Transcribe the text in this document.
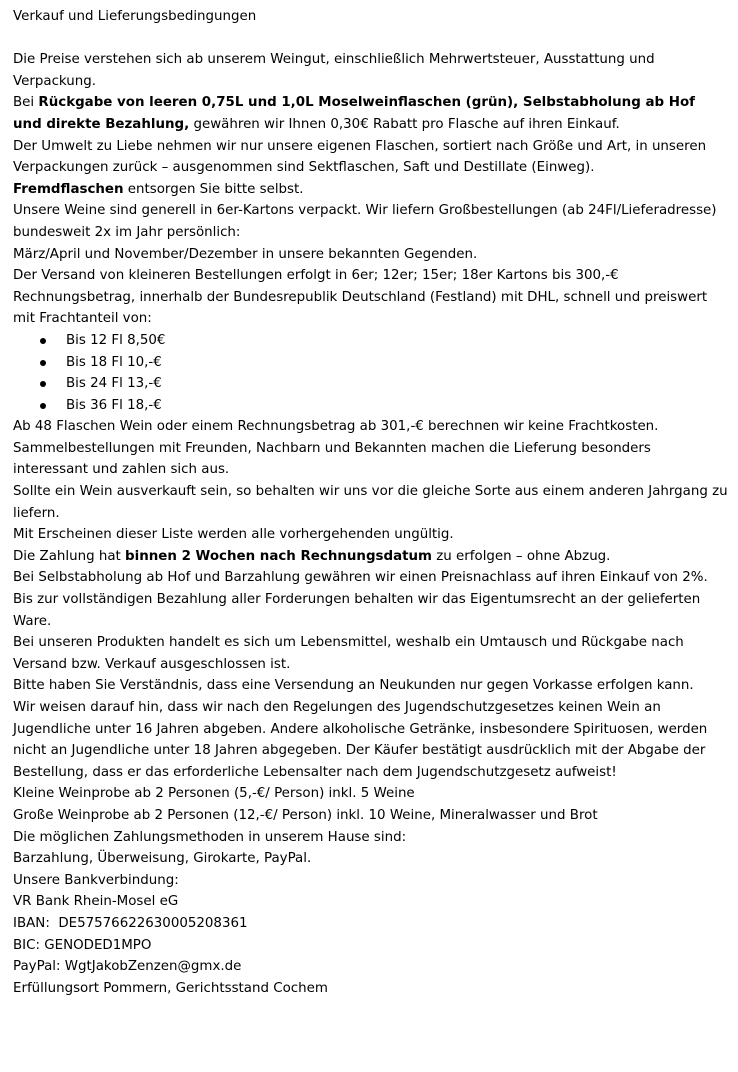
Verkauf und Lieferungsbedingungen

Die Preise verstehen sich ab unserem Weingut, einschließlich Mehrwertsteuer, Ausstattung und Verpackung.

Bei Rückgabe von leeren 0,75L und 1,0L Moselweinflaschen (grün), Selbstabholung ab Hof und direkte Bezahlung, gewähren wir Ihnen 0,30€ Rabatt pro Flasche auf ihren Einkauf.

Der Umwelt zu Liebe nehmen wir nur unsere eigenen Flaschen, sortiert nach Größe und Art, in unseren Verpackungen zurück – ausgenommen sind Sektflaschen, Saft und Destillate (Einweg).

Fremdflaschen entsorgen Sie bitte selbst.

Unsere Weine sind generell in 6er-Kartons verpackt. Wir liefern Großbestellungen (ab 24Fl/Lieferadresse) bundesweit 2x im Jahr persönlich:

März/April und November/Dezember in unsere bekannten Gegenden.

Der Versand von kleineren Bestellungen erfolgt in 6er; 12er; 15er; 18er Kartons bis 300,-€ Rechnungsbetrag, innerhalb der Bundesrepublik Deutschland (Festland) mit DHL, schnell und preiswert mit Frachtanteil von:

Bis 12 Fl 8,50€
Bis 18 Fl 10,-€
Bis 24 Fl 13,-€
Bis 36 Fl 18,-€

Ab 48 Flaschen Wein oder einem Rechnungsbetrag ab 301,-€ berechnen wir keine Frachtkosten.

Sammelbestellungen mit Freunden, Nachbarn und Bekannten machen die Lieferung besonders interessant und zahlen sich aus.

Sollte ein Wein ausverkauft sein, so behalten wir uns vor die gleiche Sorte aus einem anderen Jahrgang zu liefern.

Mit Erscheinen dieser Liste werden alle vorhergehenden ungültig.

Die Zahlung hat binnen 2 Wochen nach Rechnungsdatum zu erfolgen – ohne Abzug.

Bei Selbstabholung ab Hof und Barzahlung gewähren wir einen Preisnachlass auf ihren Einkauf von 2%.

Bis zur vollständigen Bezahlung aller Forderungen behalten wir das Eigentumsrecht an der gelieferten Ware.

Bei unseren Produkten handelt es sich um Lebensmittel, weshalb ein Umtausch und Rückgabe nach Versand bzw. Verkauf ausgeschlossen ist.

Bitte haben Sie Verständnis, dass eine Versendung an Neukunden nur gegen Vorkasse erfolgen kann.

Wir weisen darauf hin, dass wir nach den Regelungen des Jugendschutzgesetzes keinen Wein an Jugendliche unter 16 Jahren abgeben. Andere alkoholische Getränke, insbesondere Spirituosen, werden nicht an Jugendliche unter 18 Jahren abgegeben. Der Käufer bestätigt ausdrücklich mit der Abgabe der Bestellung, dass er das erforderliche Lebensalter nach dem Jugendschutzgesetz aufweist!

Kleine Weinprobe ab 2 Personen (5,-€/ Person) inkl. 5 Weine

Große Weinprobe ab 2 Personen (12,-€/ Person) inkl. 10 Weine, Mineralwasser und Brot

Die möglichen Zahlungsmethoden in unserem Hause sind:

Barzahlung, Überweisung, Girokarte, PayPal.

Unsere Bankverbindung:

VR Bank Rhein-Mosel eG

IBAN:  DE57576622630005208361

BIC: GENODED1MPO

PayPal: WgtJakobZenzen@gmx.de

Erfüllungsort Pommern, Gerichtsstand Cochem
